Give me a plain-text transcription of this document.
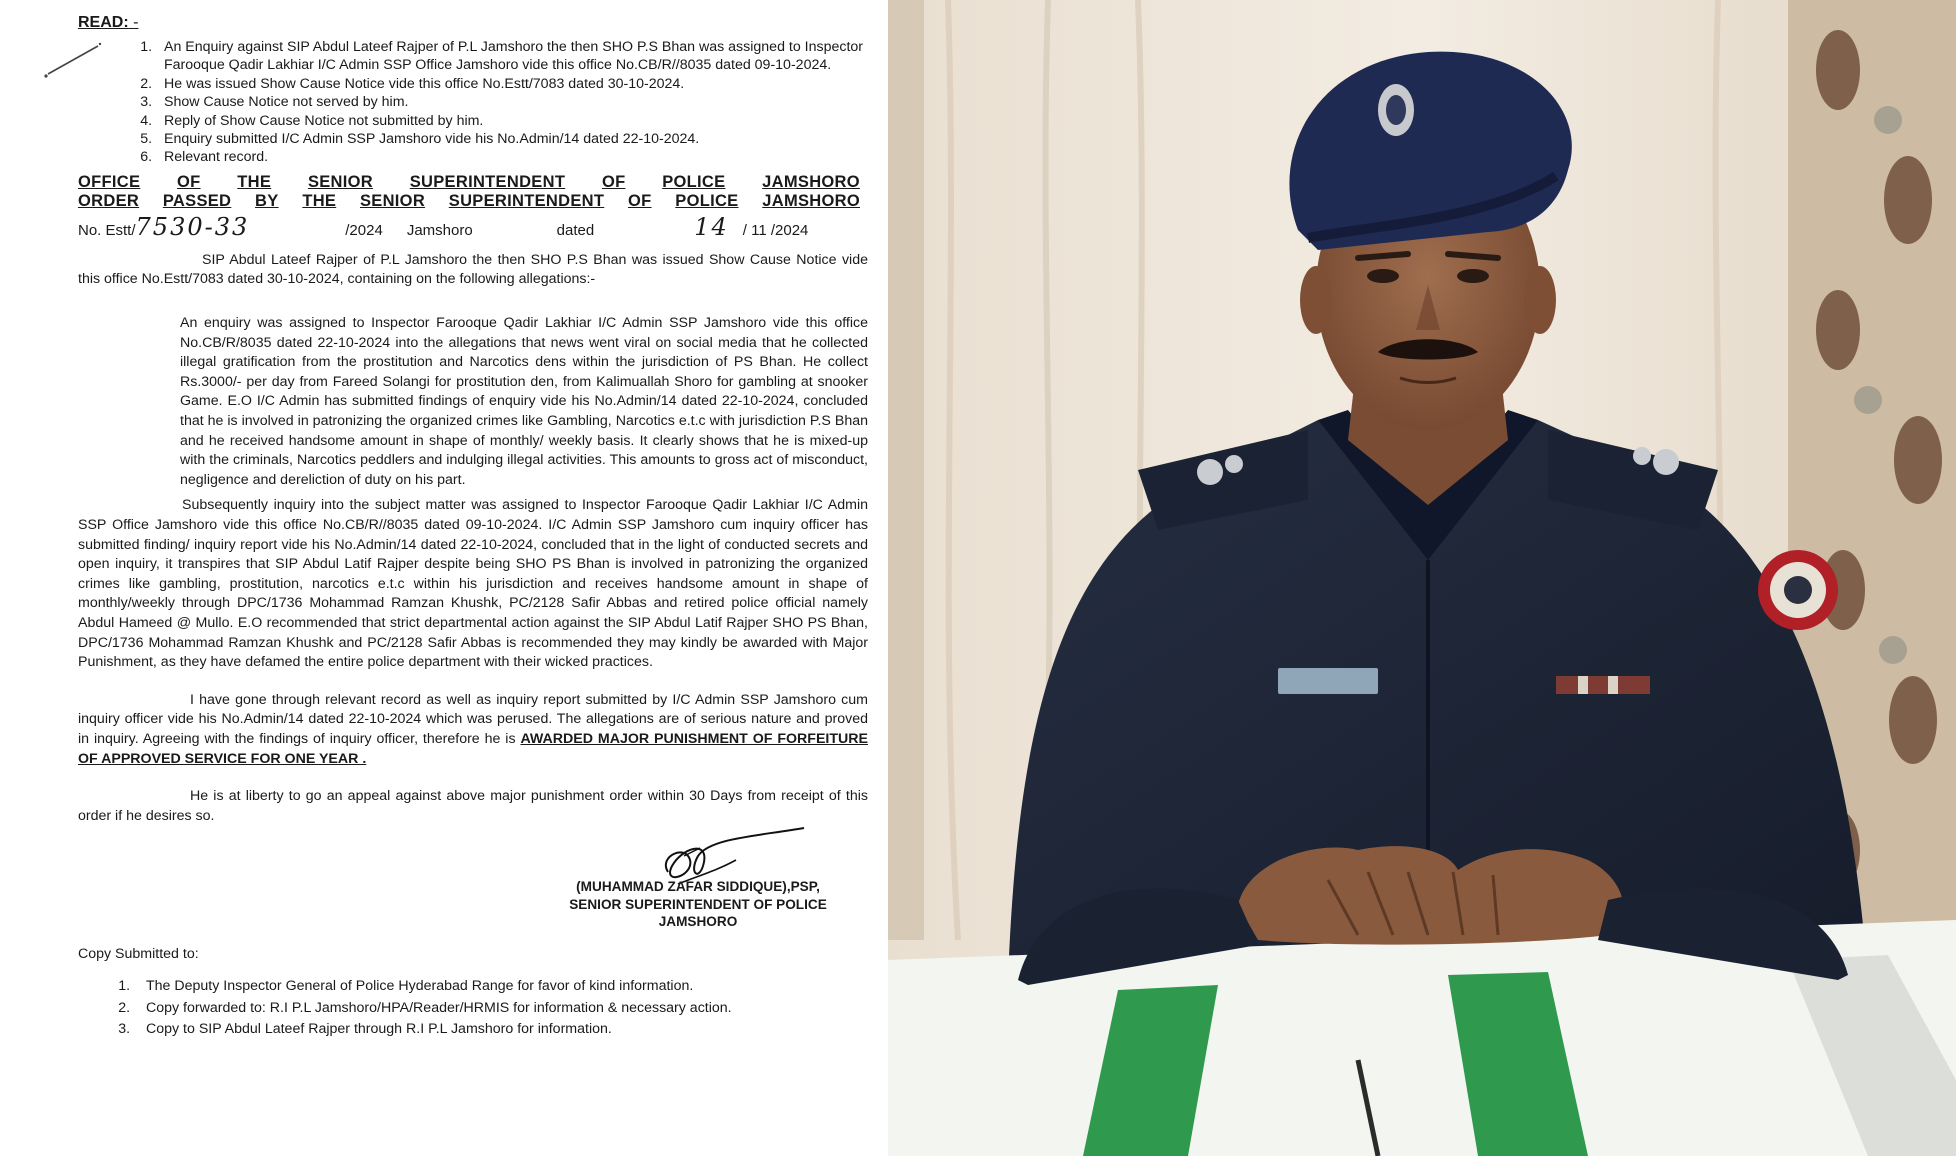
READ: -

1. An Enquiry against SIP Abdul Lateef Rajper of P.L Jamshoro the then SHO P.S Bhan was assigned to Inspector Farooque Qadir Lakhiar I/C Admin SSP Office Jamshoro vide this office No.CB/R//8035 dated 09-10-2024.
2. He was issued Show Cause Notice vide this office No.Estt/7083 dated 30-10-2024.
3. Show Cause Notice not served by him.
4. Reply of Show Cause Notice not submitted by him.
5. Enquiry submitted I/C Admin SSP Jamshoro vide his No.Admin/14 dated 22-10-2024.
6. Relevant record.
OFFICE OF THE SENIOR SUPERINTENDENT OF POLICE JAMSHORO
ORDER PASSED BY THE SENIOR SUPERINTENDENT OF POLICE JAMSHORO
No. Estt/ 7530-33	/2024 Jamshoro	dated	14 / 11 /2024

SIP Abdul Lateef Rajper of P.L Jamshoro the then SHO P.S Bhan was issued Show Cause Notice vide this office No.Estt/7083 dated 30-10-2024, containing on the following allegations:-

An enquiry was assigned to Inspector Farooque Qadir Lakhiar I/C Admin SSP Jamshoro vide this office No.CB/R/8035 dated 22-10-2024 into the allegations that news went viral on social media that he collected illegal gratification from the prostitution and Narcotics dens within the jurisdiction of PS Bhan. He collect Rs.3000/- per day from Fareed Solangi for prostitution den, from Kalimuallah Shoro for gambling at snooker Game. E.O I/C Admin has submitted findings of enquiry vide his No.Admin/14 dated 22-10-2024, concluded that he is involved in patronizing the organized crimes like Gambling, Narcotics e.t.c with jurisdiction P.S Bhan and he received handsome amount in shape of monthly/ weekly basis. It clearly shows that he is mixed-up with the criminals, Narcotics peddlers and indulging illegal activities. This amounts to gross act of misconduct, negligence and dereliction of duty on his part.

Subsequently inquiry into the subject matter was assigned to Inspector Farooque Qadir Lakhiar I/C Admin SSP Office Jamshoro vide this office No.CB/R//8035 dated 09-10-2024. I/C Admin SSP Jamshoro cum inquiry officer has submitted finding/ inquiry report vide his No.Admin/14 dated 22-10-2024, concluded that in the light of conducted secrets and open inquiry, it transpires that SIP Abdul Latif Rajper despite being SHO PS Bhan is involved in patronizing the organized crimes like gambling, prostitution, narcotics e.t.c within his jurisdiction and receives handsome amount in shape of monthly/weekly through DPC/1736 Mohammad Ramzan Khushk, PC/2128 Safir Abbas and retired police official namely Abdul Hameed @ Mullo. E.O recommended that strict departmental action against the SIP Abdul Latif Rajper SHO PS Bhan, DPC/1736 Mohammad Ramzan Khushk and PC/2128 Safir Abbas is recommended they may kindly be awarded with Major Punishment, as they have defamed the entire police department with their wicked practices.

I have gone through relevant record as well as inquiry report submitted by I/C Admin SSP Jamshoro cum inquiry officer vide his No.Admin/14 dated 22-10-2024 which was perused. The allegations are of serious nature and proved in inquiry. Agreeing with the findings of inquiry officer, therefore he is AWARDED MAJOR PUNISHMENT OF FORFEITURE OF APPROVED SERVICE FOR ONE YEAR .

He is at liberty to go an appeal against above major punishment order within 30 Days from receipt of this order if he desires so.

(MUHAMMAD ZAFAR SIDDIQUE),PSP,
SENIOR SUPERINTENDENT OF POLICE
JAMSHORO
Copy Submitted to:
1. The Deputy Inspector General of Police Hyderabad Range for favor of kind information.
2. Copy forwarded to: R.I P.L Jamshoro/HPA/Reader/HRMIS for information & necessary action.
3. Copy to SIP Abdul Lateef Rajper through R.I P.L Jamshoro for information.
